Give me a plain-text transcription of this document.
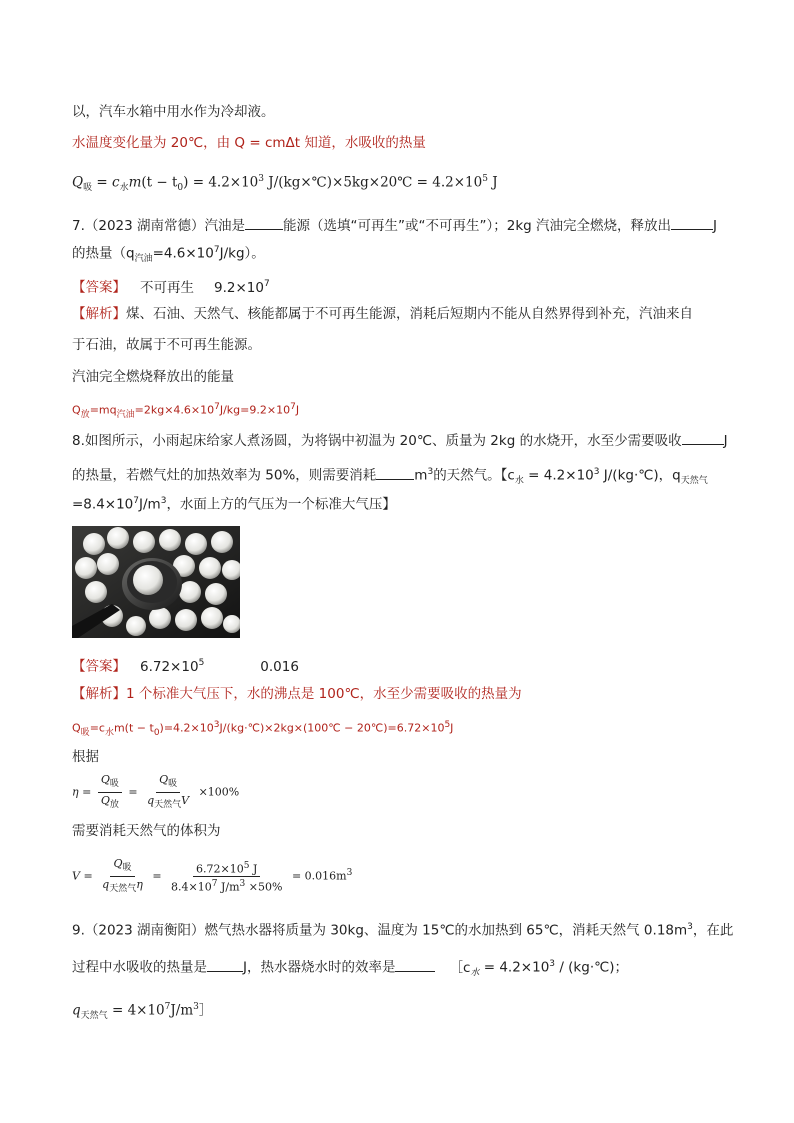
以，汽车水箱中用水作为冷却液。
水温度变化量为 20℃，由 Q = cmΔt 知道，水吸收的热量
$Q_吸 = c_水m(t - t_0) = 4.2\times 10^3$ J/(kg×℃)×5kg×20℃ = $4.2\times 10^5$ J
7.（2023 湖南常德）汽油是	能源（选填“可再生”或“不可再生”）；2kg 汽油完全燃烧，释放出	J
的热量$(q_{汽油}=4.6\times 10^7J/kg)$。
【答案】 不可再生 $9.2\times 10^7$
【解析】煤、石油、天然气、核能都属于不可再生能源，消耗后短期内不能从自然界得到补充，汽油来自
于石油，故属于不可再生能源。
汽油完全燃烧释放出的能量
$Q_放=mq_{汽油}=2kg\times 4.6\times 10^7J/kg=9.2\times 10^7J$
8.如图所示，小雨起床给家人煮汤圆，为将锅中初温为 20℃、质量为 2kg 的水烧开，水至少需要吸收	J
的热量，若燃气灶的加热效率为 50%，则需要消耗	$m^3$的天然气。【$c_水 = 4.2\times 10^3$ J/(kg·℃)，$q_{天然气}$
$=8.4\times 10^7J/m^3$，水面上方的气压为一个标准大气压】
【答案】 $6.72\times 10^5$	0.016
【解析】1 个标准大气压下，水的沸点是 100℃，水至少需要吸收的热量为
$Q_吸=c_水m(t$ − $t_0)=4.2\times 10^3J/(kg\cdot℃)\times 2kg\times(100℃$ − $20℃)=6.72\times 10^5J$
根据
$\eta = \frac{Q_吸}{Q_放} = \frac{Q_吸}{q_{天然气}V} \times 100\%$
需要消耗天然气的体积为
$V = \frac{Q_吸}{q_{天然气}\eta} = \frac{6.72\times 10^5 J}{8.4\times 10^7 J/m^3 \times 50\%} = 0.016m^3$
9.（2023 湖南衡阳）燃气热水器将质量为 30kg、温度为 15℃的水加热到 65℃，消耗天然气 $0.18m^3$，在此
过程中水吸收的热量是	J，热水器烧水时的效率是	$[c_水 = 4.2\times 10^3$ / (kg·℃)；
$q_{天然气}$ = $4\times 10^7J/m^3]$
